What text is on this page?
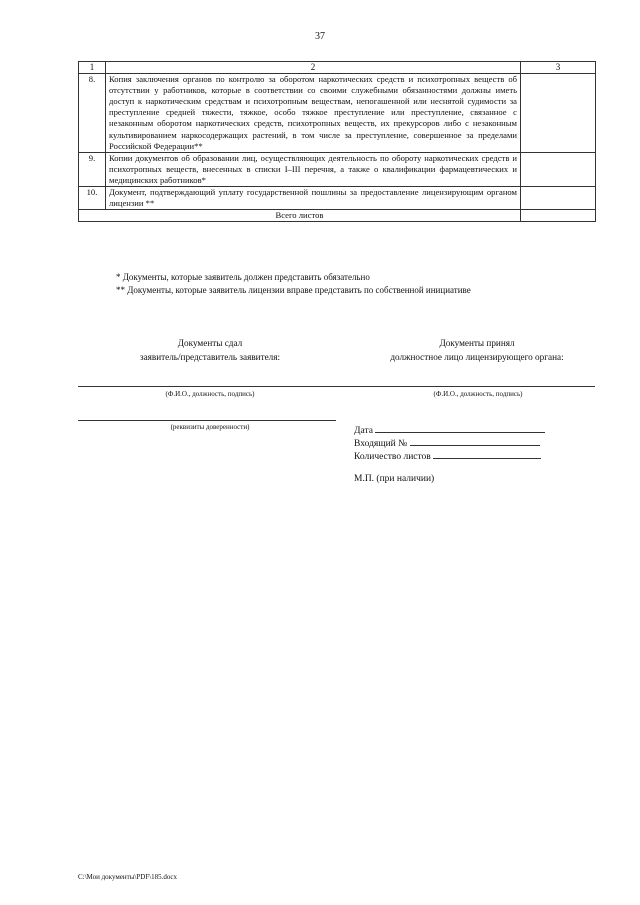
37
1	2	3
8.	Копия заключения органов по контролю за оборотом наркотических средств и психотропных веществ об отсутствии у работников, которые в соответствии со своими служебными обязанностями должны иметь доступ к наркотическим средствам и психотропным веществам, непогашенной или неснятой судимости за преступление средней тяжести, тяжкое, особо тяжкое преступление или преступление, связанное с незаконным оборотом наркотических средств, психотропных веществ, их прекурсоров либо с незаконным культивированием наркосодержащих растений, в том числе за преступление, совершенное за пределами Российской Федерации**	
9.	Копии документов об образовании лиц, осуществляющих деятельность по обороту наркотических средств и психотропных веществ, внесенных в списки I–III перечня, а также о квалификации фармацевтических и медицинских работников*	
10.	Документ, подтверждающий уплату государственной пошлины за предоставление лицензирующим органом лицензии **	
Всего листов		
* Документы, которые заявитель должен представить обязательно
** Документы, которые заявитель лицензии вправе представить по собственной инициативе
Документы сдал
заявитель/представитель заявителя:
Документы принял
должностное лицо лицензирующего органа:
(Ф.И.О., должность, подпись)	(Ф.И.О., должность, подпись)
(реквизиты доверенности)	Дата
Входящий №
Количество листов
М.П. (при наличии)
C:\Мои документы\PDF\185.docx
